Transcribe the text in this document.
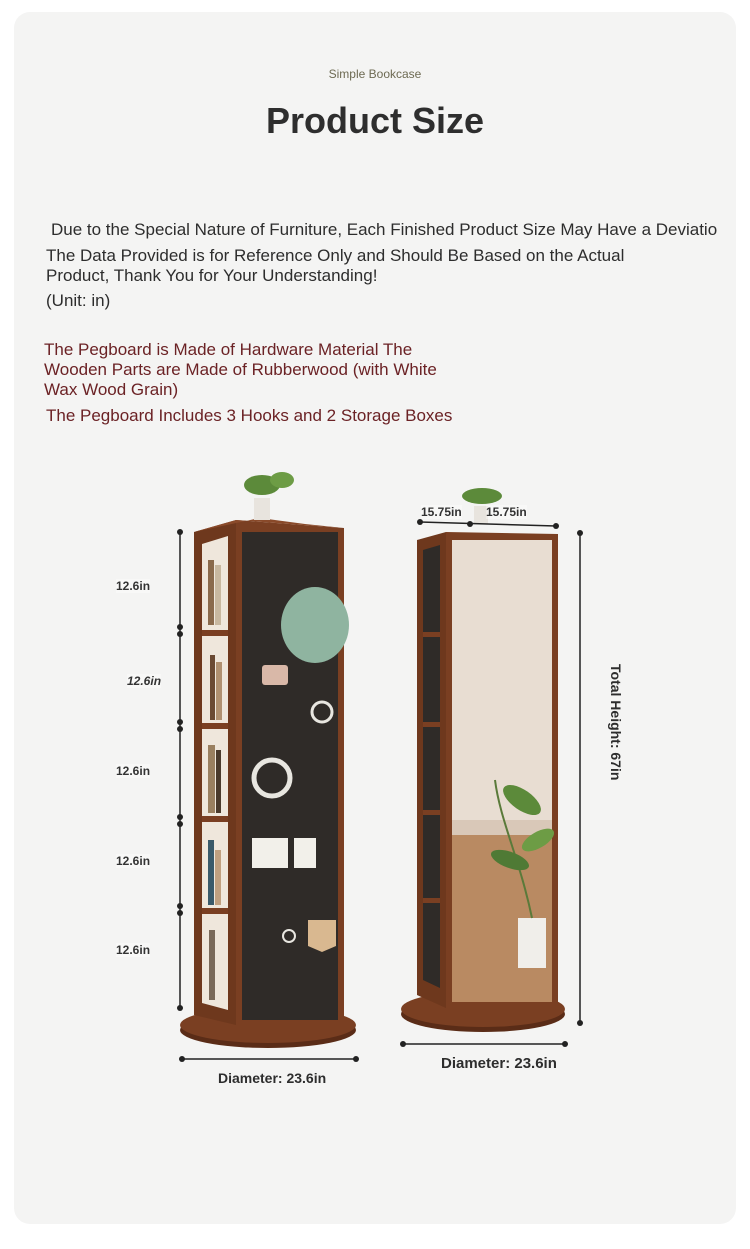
Simple Bookcase
Product Size
Due to the Special Nature of Furniture, Each Finished Product Size May Have a Deviatio
The Data Provided is for Reference Only and Should Be Based on the Actual
Product, Thank You for Your Understanding!
(Unit: in)
The Pegboard is Made of Hardware Material The
Wooden Parts are Made of Rubberwood (with White
Wax Wood Grain)
The Pegboard Includes 3 Hooks and 2 Storage Boxes
12.6in
12.6in
12.6in
12.6in
12.6in
Diameter: 23.6in
15.75in 15.75in
Total Height: 67in
Diameter: 23.6in
